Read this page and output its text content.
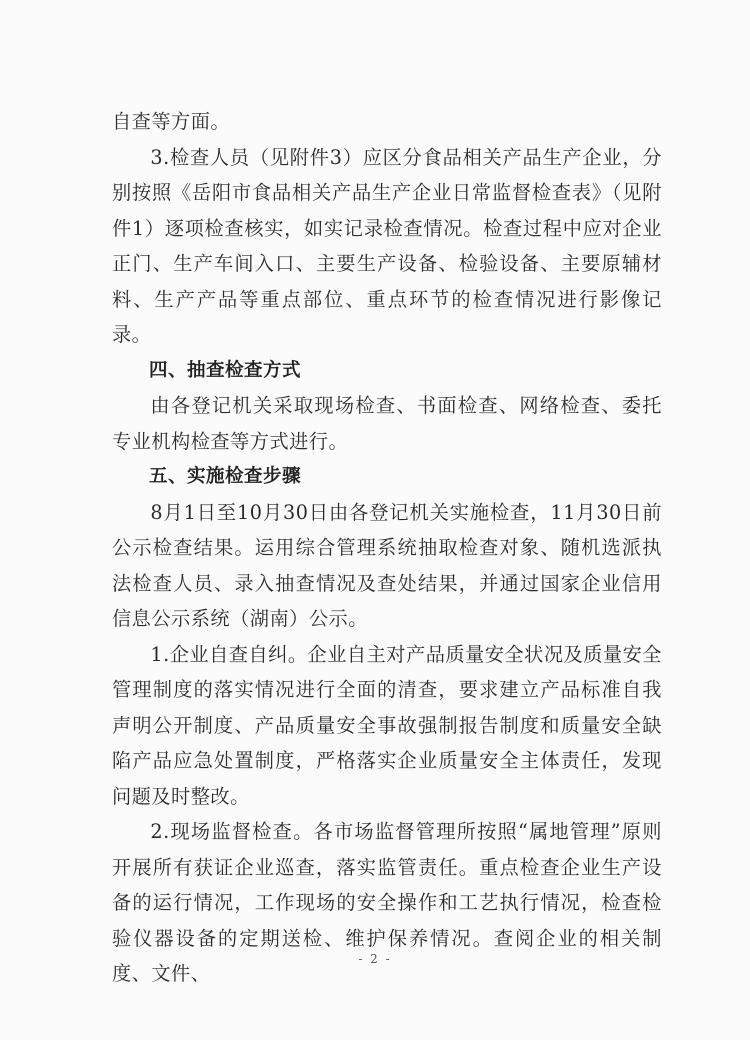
自查等方面。

3.检查人员（见附件3）应区分食品相关产品生产企业，分别按照《岳阳市食品相关产品生产企业日常监督检查表》（见附件1）逐项检查核实，如实记录检查情况。检查过程中应对企业正门、生产车间入口、主要生产设备、检验设备、主要原辅材料、生产产品等重点部位、重点环节的检查情况进行影像记录。

四、抽查检查方式

由各登记机关采取现场检查、书面检查、网络检查、委托专业机构检查等方式进行。

五、实施检查步骤

8月1日至10月30日由各登记机关实施检查，11月30日前公示检查结果。运用综合管理系统抽取检查对象、随机选派执法检查人员、录入抽查情况及查处结果，并通过国家企业信用信息公示系统（湖南）公示。

1.企业自查自纠。企业自主对产品质量安全状况及质量安全管理制度的落实情况进行全面的清查，要求建立产品标准自我声明公开制度、产品质量安全事故强制报告制度和质量安全缺陷产品应急处置制度，严格落实企业质量安全主体责任，发现问题及时整改。

2.现场监督检查。各市场监督管理所按照“属地管理”原则开展所有获证企业巡查，落实监管责任。重点检查企业生产设备的运行情况，工作现场的安全操作和工艺执行情况，检查检验仪器设备的定期送检、维护保养情况。查阅企业的相关制度、文件、

- 2 -
